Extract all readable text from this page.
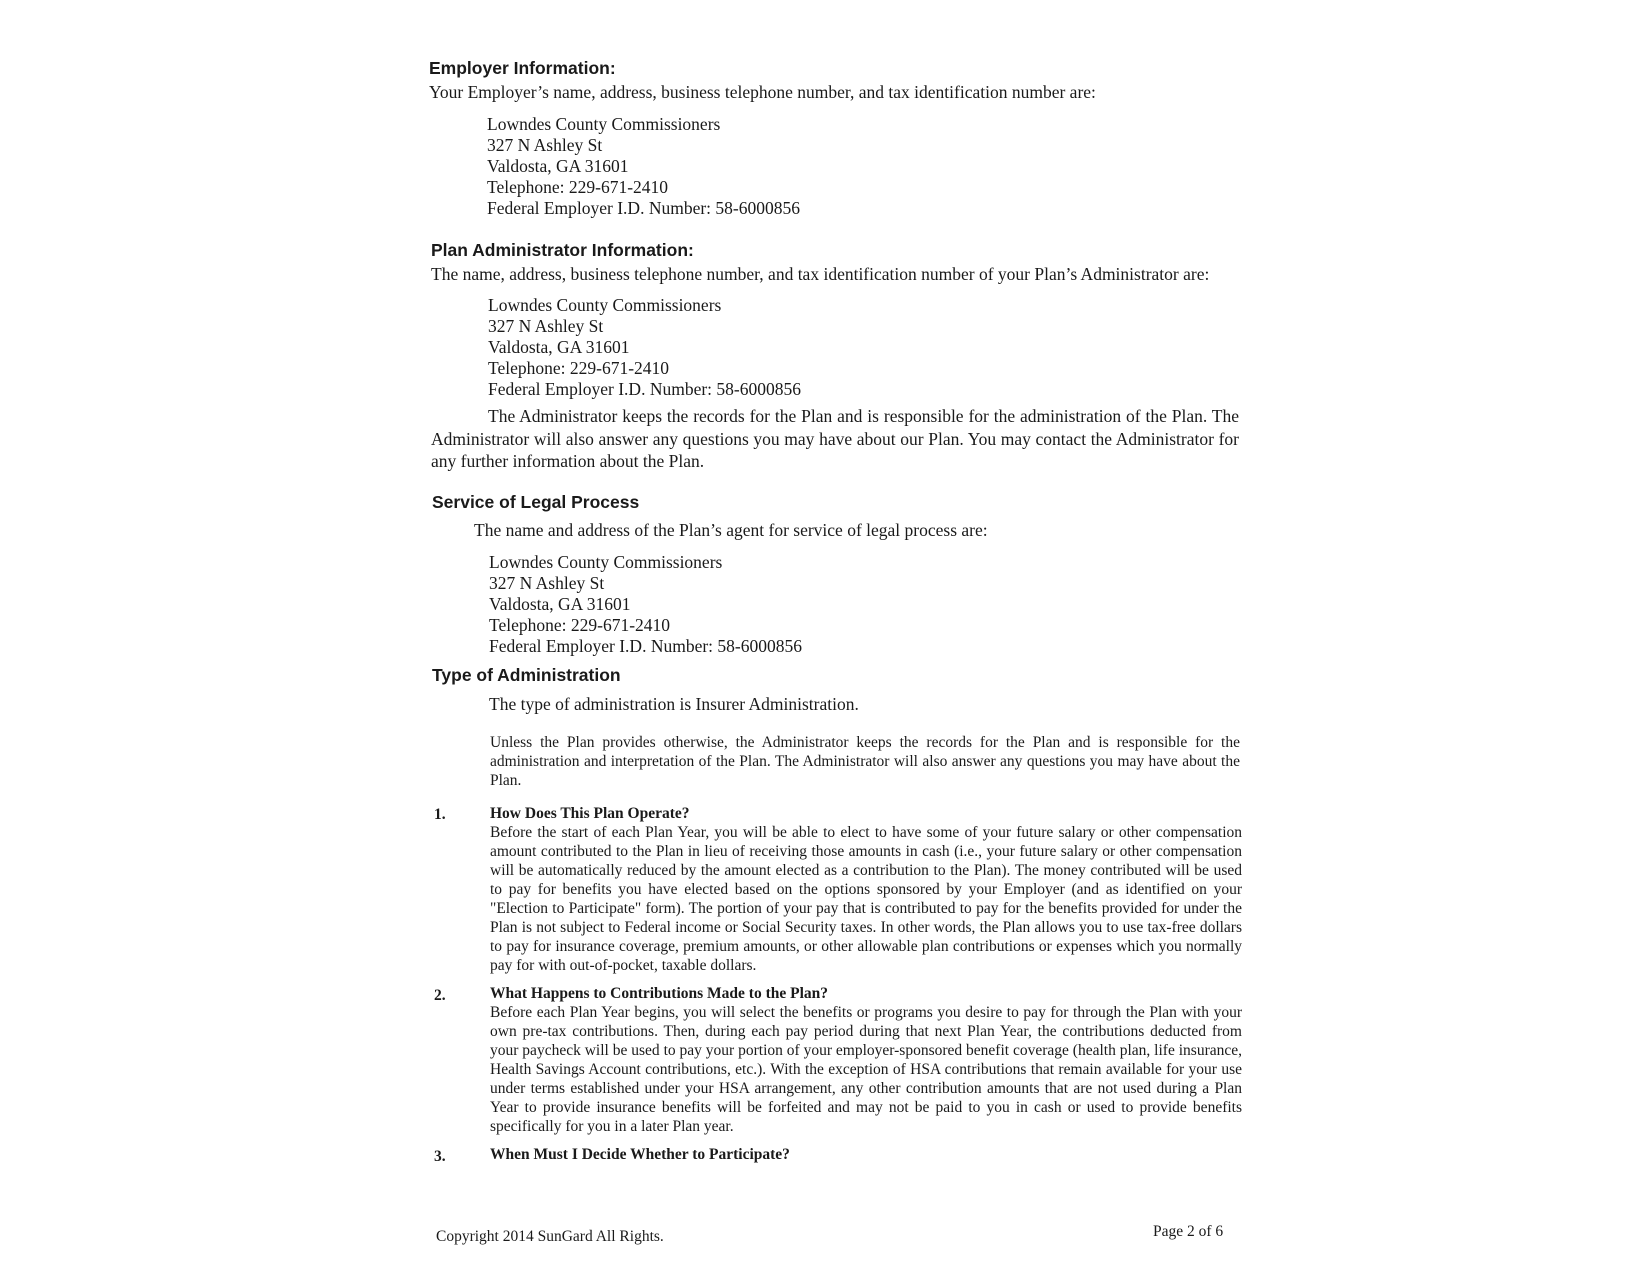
Employer Information:
Your Employer’s name, address, business telephone number, and tax identification number are:
Lowndes County Commissioners
327 N Ashley St
Valdosta, GA 31601
Telephone: 229-671-2410
Federal Employer I.D. Number: 58-6000856
Plan Administrator Information:
The name, address, business telephone number, and tax identification number of your Plan’s Administrator are:
Lowndes County Commissioners
327 N Ashley St
Valdosta, GA 31601
Telephone: 229-671-2410
Federal Employer I.D. Number: 58-6000856
The Administrator keeps the records for the Plan and is responsible for the administration of the Plan. The Administrator will also answer any questions you may have about our Plan. You may contact the Administrator for any further information about the Plan.
Service of Legal Process
The name and address of the Plan’s agent for service of legal process are:
Lowndes County Commissioners
327 N Ashley St
Valdosta, GA 31601
Telephone: 229-671-2410
Federal Employer I.D. Number: 58-6000856
Type of Administration
The type of administration is Insurer Administration.
Unless the Plan provides otherwise, the Administrator keeps the records for the Plan and is responsible for the administration and interpretation of the Plan. The Administrator will also answer any questions you may have about the Plan.
1.	How Does This Plan Operate?
Before the start of each Plan Year, you will be able to elect to have some of your future salary or other compensation amount contributed to the Plan in lieu of receiving those amounts in cash (i.e., your future salary or other compensation will be automatically reduced by the amount elected as a contribution to the Plan). The money contributed will be used to pay for benefits you have elected based on the options sponsored by your Employer (and as identified on your "Election to Participate" form). The portion of your pay that is contributed to pay for the benefits provided for under the Plan is not subject to Federal income or Social Security taxes. In other words, the Plan allows you to use tax-free dollars to pay for insurance coverage, premium amounts, or other allowable plan contributions or expenses which you normally pay for with out-of-pocket, taxable dollars.
2.	What Happens to Contributions Made to the Plan?
Before each Plan Year begins, you will select the benefits or programs you desire to pay for through the Plan with your own pre-tax contributions. Then, during each pay period during that next Plan Year, the contributions deducted from your paycheck will be used to pay your portion of your employer-sponsored benefit coverage (health plan, life insurance, Health Savings Account contributions, etc.). With the exception of HSA contributions that remain available for your use under terms established under your HSA arrangement, any other contribution amounts that are not used during a Plan Year to provide insurance benefits will be forfeited and may not be paid to you in cash or used to provide benefits specifically for you in a later Plan year.
3.	When Must I Decide Whether to Participate?
Copyright 2014 SunGard All Rights.	Page 2 of 6
